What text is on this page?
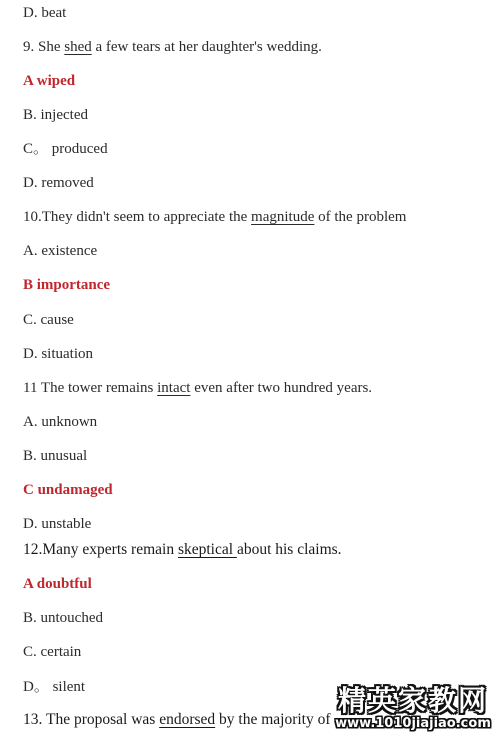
D. beat
9. She shed a few tears at her daughter's wedding.
A wiped
B. injected
C。 produced
D. removed
10.They didn't seem to appreciate the magnitude of the problem
A. existence
B importance
C. cause
D. situation
11 The tower remains intact even after two hundred years.
A. unknown
B. unusual
C undamaged
D. unstable
12.Many experts remain skeptical about his claims.
A doubtful
B. untouched
C. certain
D。 silent
13. The proposal was endorsed by the majority of
精英家教网
www.1010jiajiao.com
